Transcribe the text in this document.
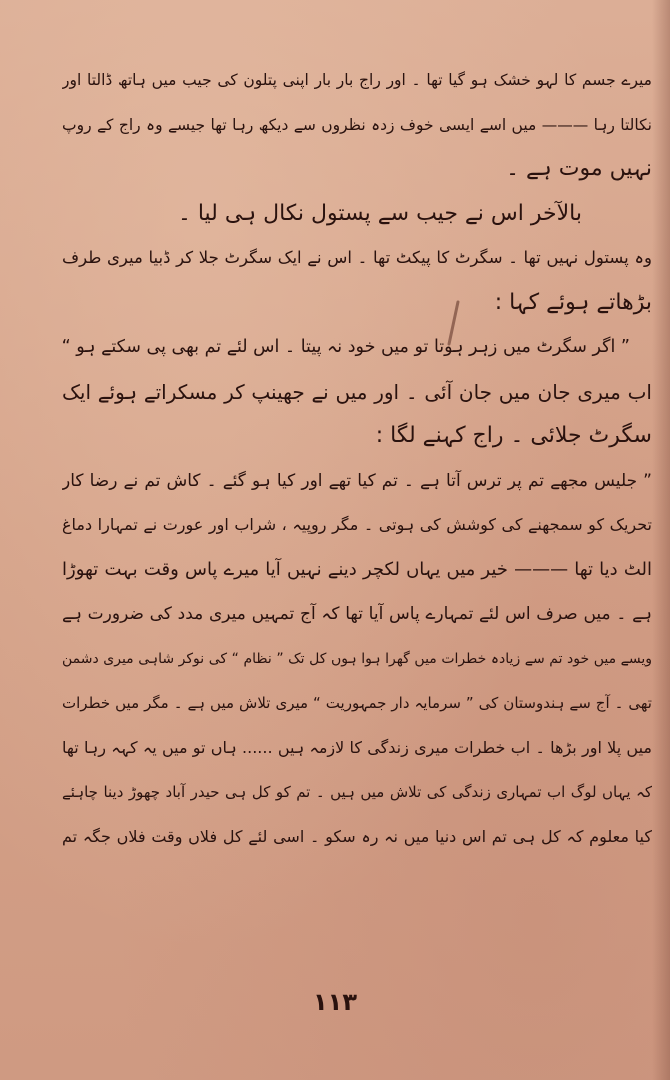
میرے جسم کا لہو خشک ہو گیا تھا ۔ اور راج بار بار اپنی پتلون کی جیب میں ہاتھ ڈالتا اور
نکالتا رہا ——— میں اسے ایسی خوف زدہ نظروں سے دیکھ رہا تھا جیسے وہ راج کے روپ
نہیں موت ہے ۔
بالآخر اس نے جیب سے پستول نکال ہی لیا ۔
وہ پستول نہیں تھا ۔ سگرٹ کا پیکٹ تھا ۔ اس نے ایک سگرٹ جلا کر ڈبیا میری طرف
بڑھاتے ہوئے کہا :
” اگر سگرٹ میں زہر ہوتا تو میں خود نہ پیتا ۔ اس لئے تم بھی پی سکتے ہو “
اب میری جان میں جان آئی ۔ اور میں نے جھینپ کر مسکراتے ہوئے ایک
سگرٹ جلائی ۔ راج کہنے لگا :
” جلیس مجھے تم پر ترس آتا ہے ۔ تم کیا تھے اور کیا ہو گئے ۔ کاش تم نے رضا کار
تحریک کو سمجھنے کی کوشش کی ہوتی ۔ مگر روپیہ ، شراب اور عورت نے تمہارا دماغ
الٹ دیا تھا ——— خیر میں یہاں لکچر دینے نہیں آیا میرے پاس وقت بہت تھوڑا
ہے ۔ میں صرف اس لئے تمہارے پاس آیا تھا کہ آج تمہیں میری مدد کی ضرورت ہے
ویسے میں خود تم سے زیادہ خطرات میں گھرا ہوا ہوں کل تک ” نظام “ کی نوکر شاہی میری دشمن
تھی ۔ آج سے ہندوستان کی ” سرمایہ دار جمہوریت “ میری تلاش میں ہے ۔ مگر میں خطرات
میں پلا اور بڑھا ۔ اب خطرات میری زندگی کا لازمہ ہیں ...... ہاں تو میں یہ کہہ رہا تھا
کہ یہاں لوگ اب تمہاری زندگی کی تلاش میں ہیں ۔ تم کو کل ہی حیدر آباد چھوڑ دینا چاہئے
کیا معلوم کہ کل ہی تم اس دنیا میں نہ رہ سکو ۔ اسی لئے کل فلاں وقت فلاں جگہ تم
۱۱۳
